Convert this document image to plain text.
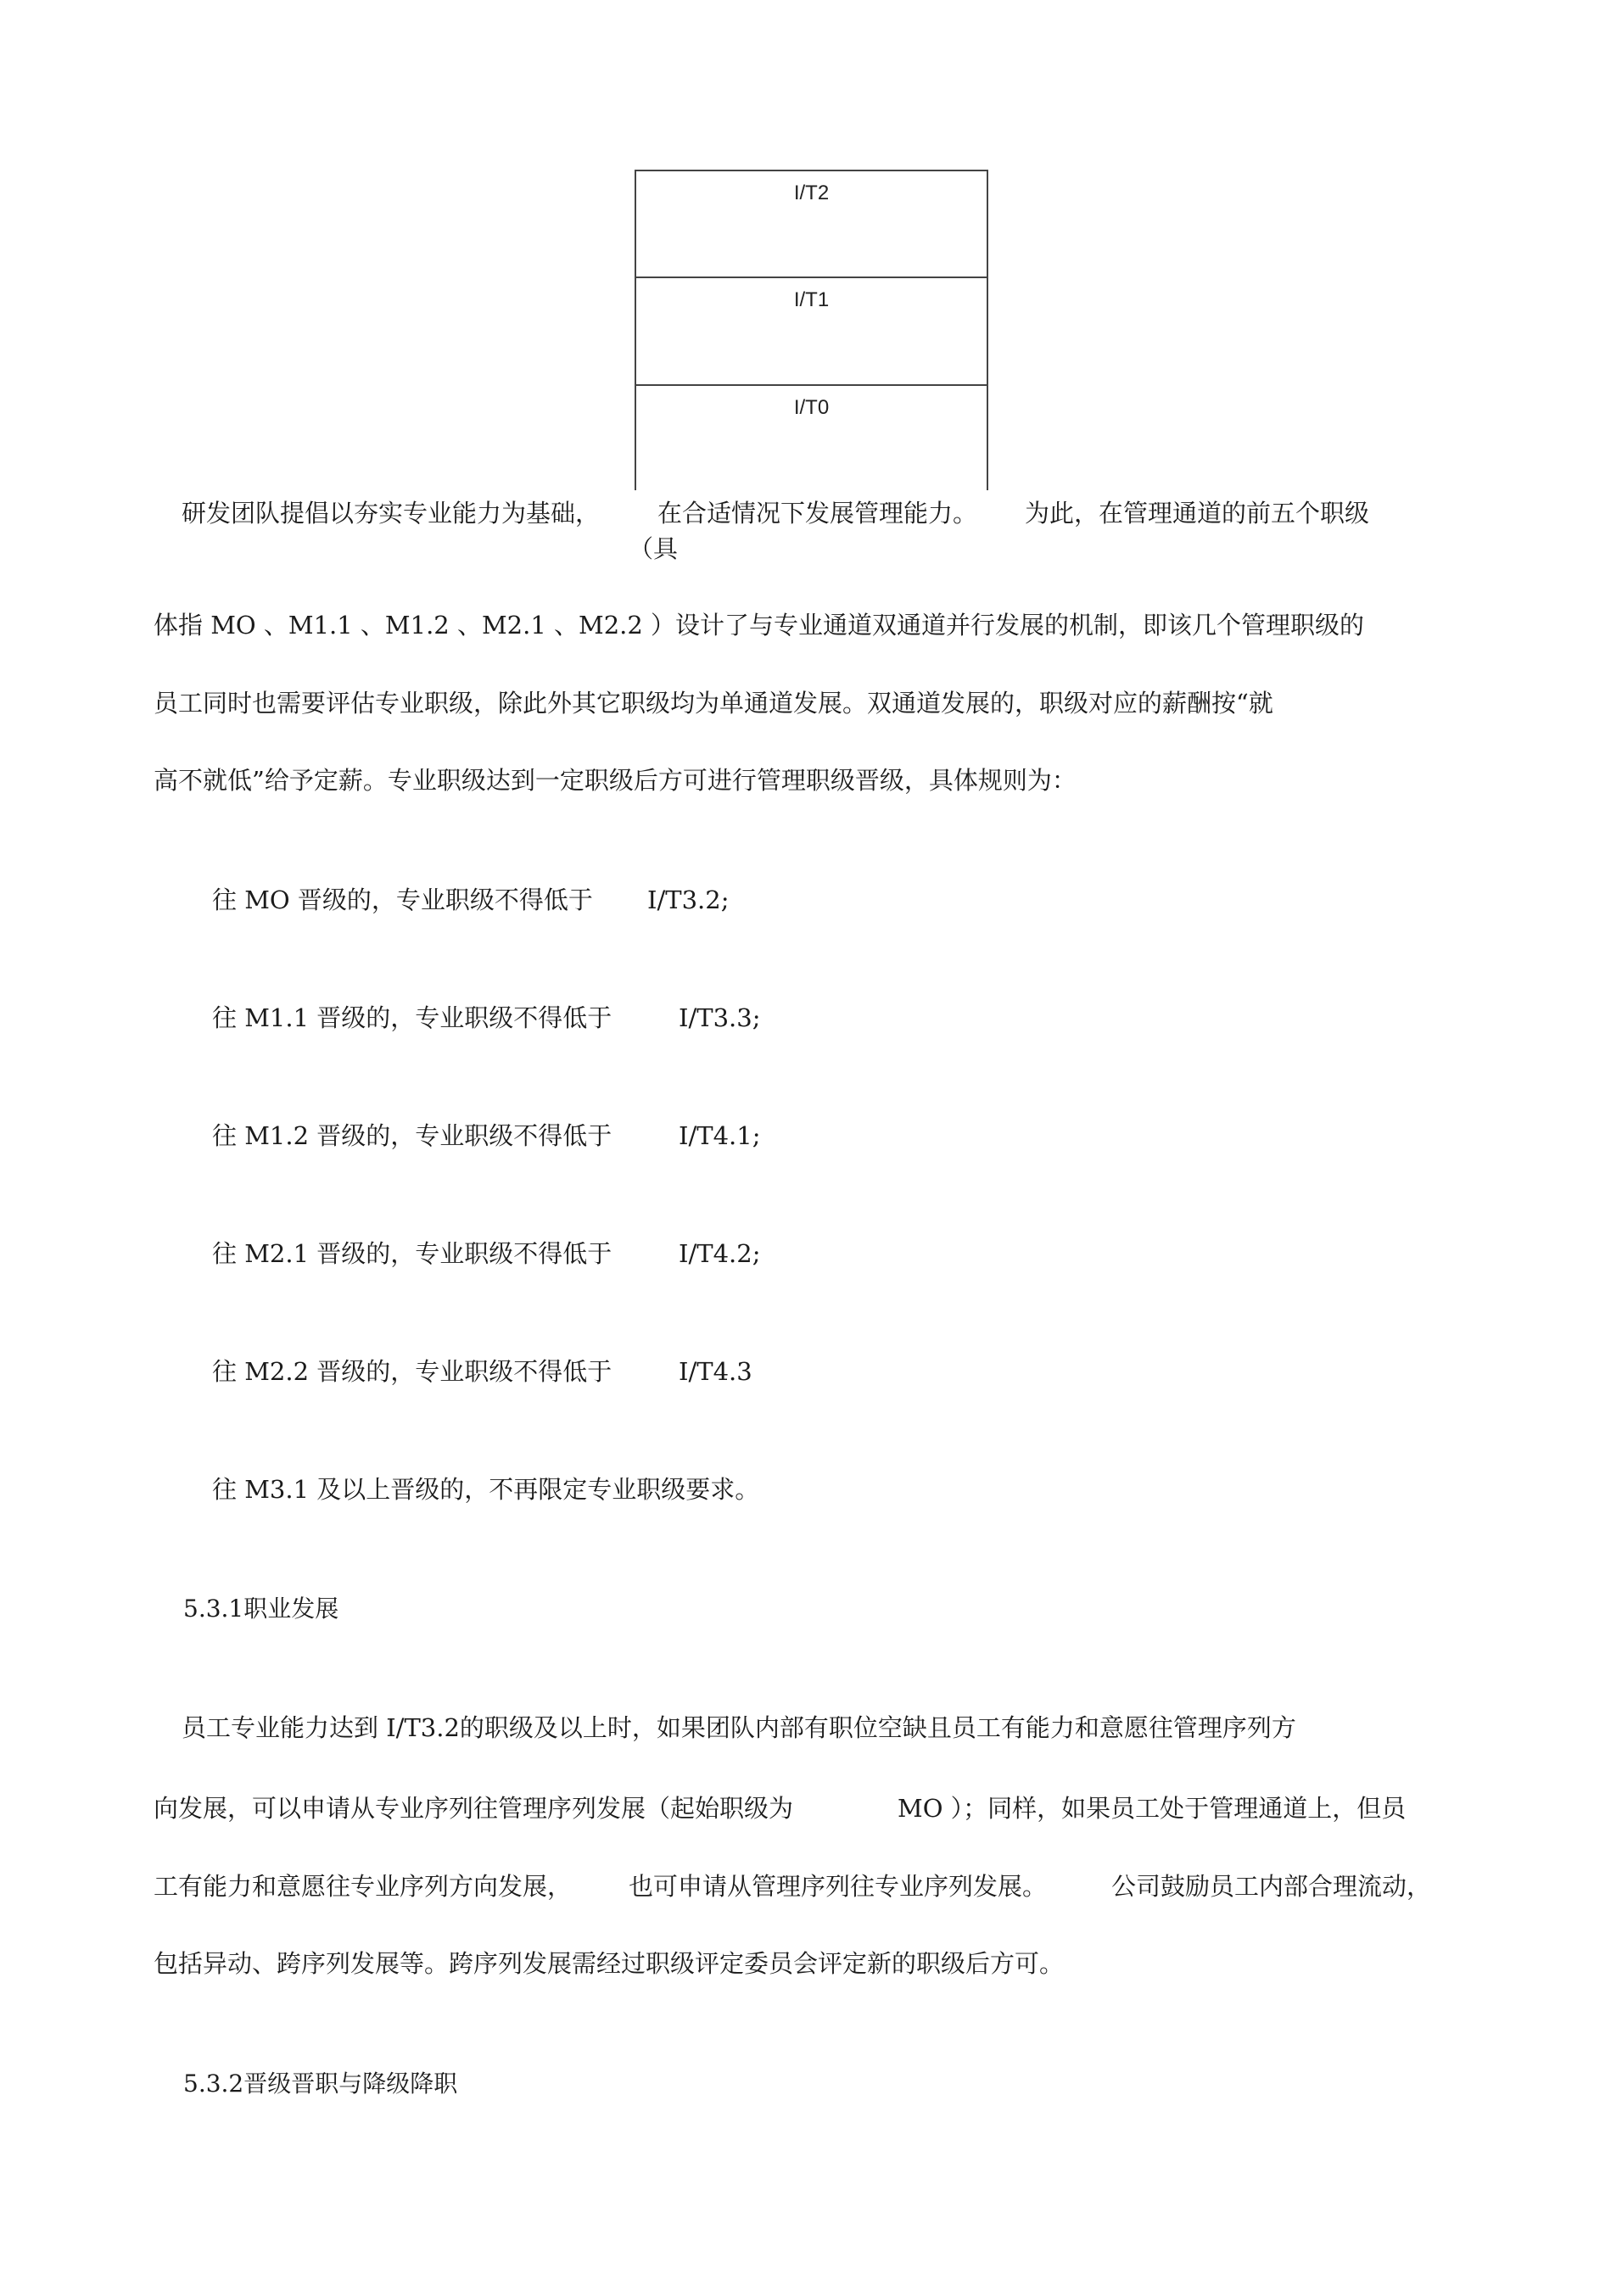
I/T2
I/T1
I/T0
研发团队提倡以夯实专业能力为基础， 在合适情况下发展管理能力。 为此，在管理通道的前五个职级
（具
体指 MO 、M1.1 、M1.2 、M2.1 、M2.2 ）设计了与专业通道双通道并行发展的机制，即该几个管理职级的
员工同时也需要评估专业职级，除此外其它职级均为单通道发展。双通道发展的，职级对应的薪酬按“就
高不就低”给予定薪。专业职级达到一定职级后方可进行管理职级晋级，具体规则为：
往 MO 晋级的，专业职级不得低于 I/T3.2;
往 M1.1 晋级的，专业职级不得低于	I/T3.3;
往 M1.2 晋级的，专业职级不得低于	I/T4.1;
往 M2.1 晋级的，专业职级不得低于	I/T4.2;
往 M2.2 晋级的，专业职级不得低于	I/T4.3
往 M3.1 及以上晋级的，不再限定专业职级要求。
5.3.1职业发展
员工专业能力达到 I/T3.2的职级及以上时，如果团队内部有职位空缺且员工有能力和意愿往管理序列方
向发展，可以申请从专业序列往管理序列发展（起始职级为	MO ）；同样，如果员工处于管理通道上，但员
工有能力和意愿往专业序列方向发展， 也可申请从管理序列往专业序列发展。	公司鼓励员工内部合理流动，
包括异动、跨序列发展等。跨序列发展需经过职级评定委员会评定新的职级后方可。
5.3.2晋级晋职与降级降职
